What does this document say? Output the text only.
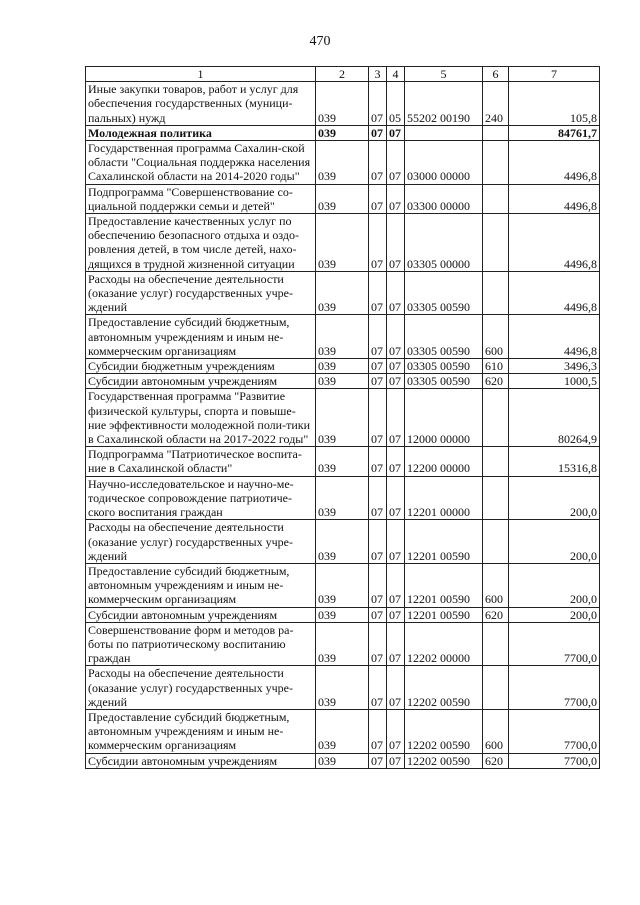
470
1	2	3	4	5	6	7
Иные закупки товаров, работ и услуг для обеспечения государственных (муници-пальных) нужд	039	07	05	55202 00190	240	105,8
Молодежная политика	039	07	07			84761,7
Государственная программа Сахалин-ской области "Социальная поддержка населения Сахалинской области на 2014-2020 годы"	039	07	07	03000 00000		4496,8
Подпрограмма "Совершенствование со-циальной поддержки семьи и детей"	039	07	07	03300 00000		4496,8
Предоставление качественных услуг по обеспечению безопасного отдыха и оздо-ровления детей, в том числе детей, нахо-дящихся в трудной жизненной ситуации	039	07	07	03305 00000		4496,8
Расходы на обеспечение деятельности (оказание услуг) государственных учре-ждений	039	07	07	03305 00590		4496,8
Предоставление субсидий бюджетным, автономным учреждениям и иным не-коммерческим организациям	039	07	07	03305 00590	600	4496,8
Субсидии бюджетным учреждениям	039	07	07	03305 00590	610	3496,3
Субсидии автономным учреждениям	039	07	07	03305 00590	620	1000,5
Государственная программа "Развитие физической культуры, спорта и повыше-ние эффективности молодежной поли-тики в Сахалинской области на 2017-2022 годы"	039	07	07	12000 00000		80264,9
Подпрограмма "Патриотическое воспита-ние в Сахалинской области"	039	07	07	12200 00000		15316,8
Научно-исследовательское и научно-ме-тодическое сопровождение патриотиче-ского воспитания граждан	039	07	07	12201 00000		200,0
Расходы на обеспечение деятельности (оказание услуг) государственных учре-ждений	039	07	07	12201 00590		200,0
Предоставление субсидий бюджетным, автономным учреждениям и иным не-коммерческим организациям	039	07	07	12201 00590	600	200,0
Субсидии автономным учреждениям	039	07	07	12201 00590	620	200,0
Совершенствование форм и методов ра-боты по патриотическому воспитанию граждан	039	07	07	12202 00000		7700,0
Расходы на обеспечение деятельности (оказание услуг) государственных учре-ждений	039	07	07	12202 00590		7700,0
Предоставление субсидий бюджетным, автономным учреждениям и иным не-коммерческим организациям	039	07	07	12202 00590	600	7700,0
Субсидии автономным учреждениям	039	07	07	12202 00590	620	7700,0
